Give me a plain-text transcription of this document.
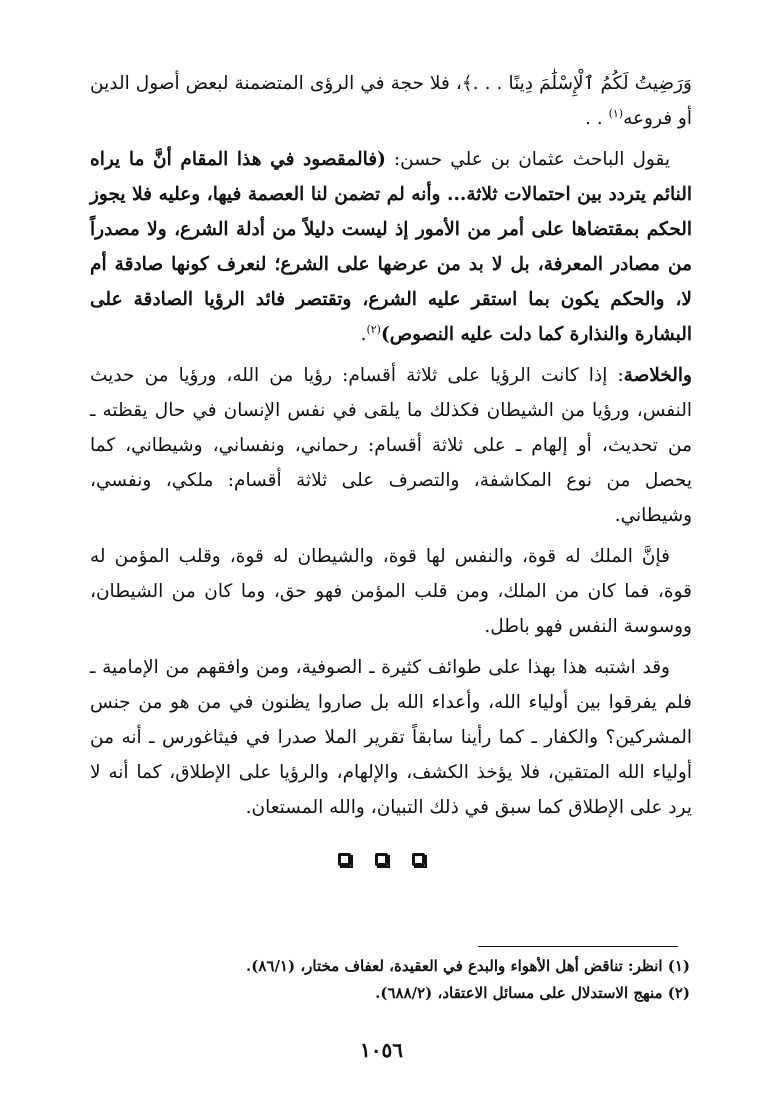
وَرَضِيتُ لَكُمُ ٱلْإِسْلَٰمَ دِينًا . . .﴾، فلا حجة في الرؤى المتضمنة لبعض أصول الدين أو فروعه$^{(١)}$ . .

يقول الباحث عثمان بن علي حسن: (فالمقصود في هذا المقام أنَّ ما يراه النائم يتردد بين احتمالات ثلاثة... وأنه لم تضمن لنا العصمة فيها، وعليه فلا يجوز الحكم بمقتضاها على أمر من الأمور إذ ليست دليلاً من أدلة الشرع، ولا مصدراً من مصادر المعرفة، بل لا بد من عرضها على الشرع؛ لنعرف كونها صادقة أم لا، والحكم يكون بما استقر عليه الشرع، وتقتصر فائد الرؤيا الصادقة على البشارة والنذارة كما دلت عليه النصوص)$^{(٢)}$.

والخلاصة: إذا كانت الرؤيا على ثلاثة أقسام: رؤيا من الله، ورؤيا من حديث النفس، ورؤيا من الشيطان فكذلك ما يلقى في نفس الإنسان في حال يقظته ـ من تحديث، أو إلهام ـ على ثلاثة أقسام: رحماني، ونفساني، وشيطاني، كما يحصل من نوع المكاشفة، والتصرف على ثلاثة أقسام: ملكي، ونفسي، وشيطاني.

فإنَّ الملك له قوة، والنفس لها قوة، والشيطان له قوة، وقلب المؤمن له قوة، فما كان من الملك، ومن قلب المؤمن فهو حق، وما كان من الشيطان، ووسوسة النفس فهو باطل.

وقد اشتبه هذا بهذا على طوائف كثيرة ـ الصوفية، ومن وافقهم من الإمامية ـ فلم يفرقوا بين أولياء الله، وأعداء الله بل صاروا يظنون في من هو من جنس المشركين؟ والكفار ـ كما رأينا سابقاً تقرير الملا صدرا في فيثاغورس ـ أنه من أولياء الله المتقين، فلا يؤخذ الكشف، والإلهام، والرؤيا على الإطلاق، كما أنه لا يرد على الإطلاق كما سبق في ذلك التبيان، والله المستعان.

(١) انظر: تناقض أهل الأهواء والبدع في العقيدة، لعفاف مختار، (٨٦/١).

(٢) منهج الاستدلال على مسائل الاعتقاد، (٦٨٨/٢).

١٠٥٦
